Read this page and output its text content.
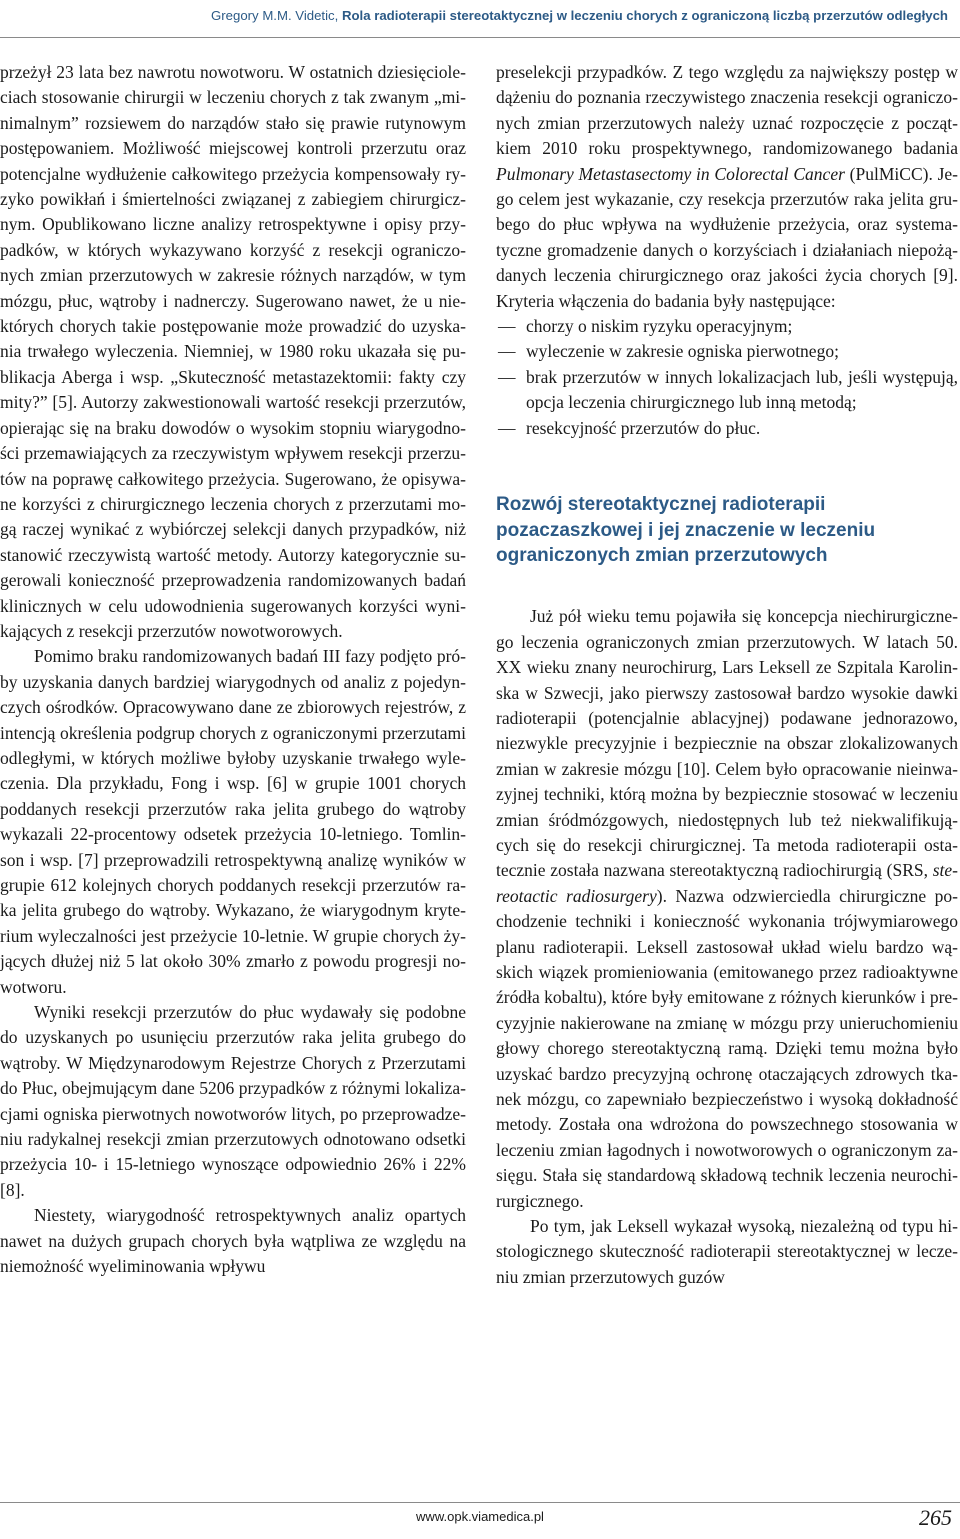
Gregory M.M. Videtic, Rola radioterapii stereotaktycznej w leczeniu chorych z ograniczoną liczbą przerzutów odległych

przeżył 23 lata bez nawrotu nowotworu. W ostatnich dziesięcioleciach stosowanie chirurgii w leczeniu chorych z tak zwanym „minimalnym” rozsiewem do narządów stało się prawie rutynowym postępowaniem. Możliwość miejscowej kontroli przerzutu oraz potencjalne wydłużenie całkowitego przeżycia kompensowały ryzyko powikłań i śmiertelności związanej z zabiegiem chirurgicznym. Opublikowano liczne analizy retrospektywne i opisy przypadków, w których wykazywano korzyść z resekcji ograniczonych zmian przerzutowych w zakresie różnych narządów, w tym mózgu, płuc, wątroby i nadnerczy. Sugerowano nawet, że u niektórych chorych takie postępowanie może prowadzić do uzyskania trwałego wyleczenia. Niemniej, w 1980 roku ukazała się publikacja Aberga i wsp. „Skuteczność metastazektomii: fakty czy mity?” [5]. Autorzy zakwestionowali wartość resekcji przerzutów, opierając się na braku dowodów o wysokim stopniu wiarygodności przemawiających za rzeczywistym wpływem resekcji przerzutów na poprawę całkowitego przeżycia. Sugerowano, że opisywane korzyści z chirurgicznego leczenia chorych z przerzutami mogą raczej wynikać z wybiórczej selekcji danych przypadków, niż stanowić rzeczywistą wartość metody. Autorzy kategorycznie sugerowali konieczność przeprowadzenia randomizowanych badań klinicznych w celu udowodnienia sugerowanych korzyści wynikających z resekcji przerzutów nowotworowych.

Pomimo braku randomizowanych badań III fazy podjęto próby uzyskania danych bardziej wiarygodnych od analiz z pojedynczych ośrodków. Opracowywano dane ze zbiorowych rejestrów, z intencją określenia podgrup chorych z ograniczonymi przerzutami odległymi, w których możliwe byłoby uzyskanie trwałego wyleczenia. Dla przykładu, Fong i wsp. [6] w grupie 1001 chorych poddanych resekcji przerzutów raka jelita grubego do wątroby wykazali 22-procentowy odsetek przeżycia 10-letniego. Tomlinson i wsp. [7] przeprowadzili retrospektywną analizę wyników w grupie 612 kolejnych chorych poddanych resekcji przerzutów raka jelita grubego do wątroby. Wykazano, że wiarygodnym kryterium wyleczalności jest przeżycie 10-letnie. W grupie chorych żyjących dłużej niż 5 lat około 30% zmarło z powodu progresji nowotworu.

Wyniki resekcji przerzutów do płuc wydawały się podobne do uzyskanych po usunięciu przerzutów raka jelita grubego do wątroby. W Międzynarodowym Rejestrze Chorych z Przerzutami do Płuc, obejmującym dane 5206 przypadków z różnymi lokalizacjami ogniska pierwotnych nowotworów litych, po przeprowadzeniu radykalnej resekcji zmian przerzutowych odnotowano odsetki przeżycia 10- i 15-letniego wynoszące odpowiednio 26% i 22% [8].

Niestety, wiarygodność retrospektywnych analiz opartych nawet na dużych grupach chorych była wątpliwa ze względu na niemożność wyeliminowania wpływu

preselekcji przypadków. Z tego względu za największy postęp w dążeniu do poznania rzeczywistego znaczenia resekcji ograniczonych zmian przerzutowych należy uznać rozpoczęcie z początkiem 2010 roku prospektywnego, randomizowanego badania Pulmonary Metastasectomy in Colorectal Cancer (PulMiCC). Jego celem jest wykazanie, czy resekcja przerzutów raka jelita grubego do płuc wpływa na wydłużenie przeżycia, oraz systematyczne gromadzenie danych o korzyściach i działaniach niepożądanych leczenia chirurgicznego oraz jakości życia chorych [9]. Kryteria włączenia do badania były następujące:

— chorzy o niskim ryzyku operacyjnym;
— wyleczenie w zakresie ogniska pierwotnego;
— brak przerzutów w innych lokalizacjach lub, jeśli występują, opcja leczenia chirurgicznego lub inną metodą;
— resekcyjność przerzutów do płuc.
Rozwój stereotaktycznej radioterapii pozaczaszkowej i jej znaczenie w leczeniu ograniczonych zmian przerzutowych

Już pół wieku temu pojawiła się koncepcja niechirurgicznego leczenia ograniczonych zmian przerzutowych. W latach 50. XX wieku znany neurochirurg, Lars Leksell ze Szpitala Karolinska w Szwecji, jako pierwszy zastosował bardzo wysokie dawki radioterapii (potencjalnie ablacyjnej) podawane jednorazowo, niezwykle precyzyjnie i bezpiecznie na obszar zlokalizowanych zmian w zakresie mózgu [10]. Celem było opracowanie nieinwazyjnej techniki, którą można by bezpiecznie stosować w leczeniu zmian śródmózgowych, niedostępnych lub też niekwalifikujących się do resekcji chirurgicznej. Ta metoda radioterapii ostatecznie została nazwana stereotaktyczną radiochirurgią (SRS, stereotactic radiosurgery). Nazwa odzwierciedla chirurgiczne pochodzenie techniki i konieczność wykonania trójwymiarowego planu radioterapii. Leksell zastosował układ wielu bardzo wąskich wiązek promieniowania (emitowanego przez radioaktywne źródła kobaltu), które były emitowane z różnych kierunków i precyzyjnie nakierowane na zmianę w mózgu przy unieruchomieniu głowy chorego stereotaktyczną ramą. Dzięki temu można było uzyskać bardzo precyzyjną ochronę otaczających zdrowych tkanek mózgu, co zapewniało bezpieczeństwo i wysoką dokładność metody. Została ona wdrożona do powszechnego stosowania w leczeniu zmian łagodnych i nowotworowych o ograniczonym zasięgu. Stała się standardową składową technik leczenia neurochirurgicznego.

Po tym, jak Leksell wykazał wysoką, niezależną od typu histologicznego skuteczność radioterapii stereotaktycznej w leczeniu zmian przerzutowych guzów

www.opk.viamedica.pl	265
